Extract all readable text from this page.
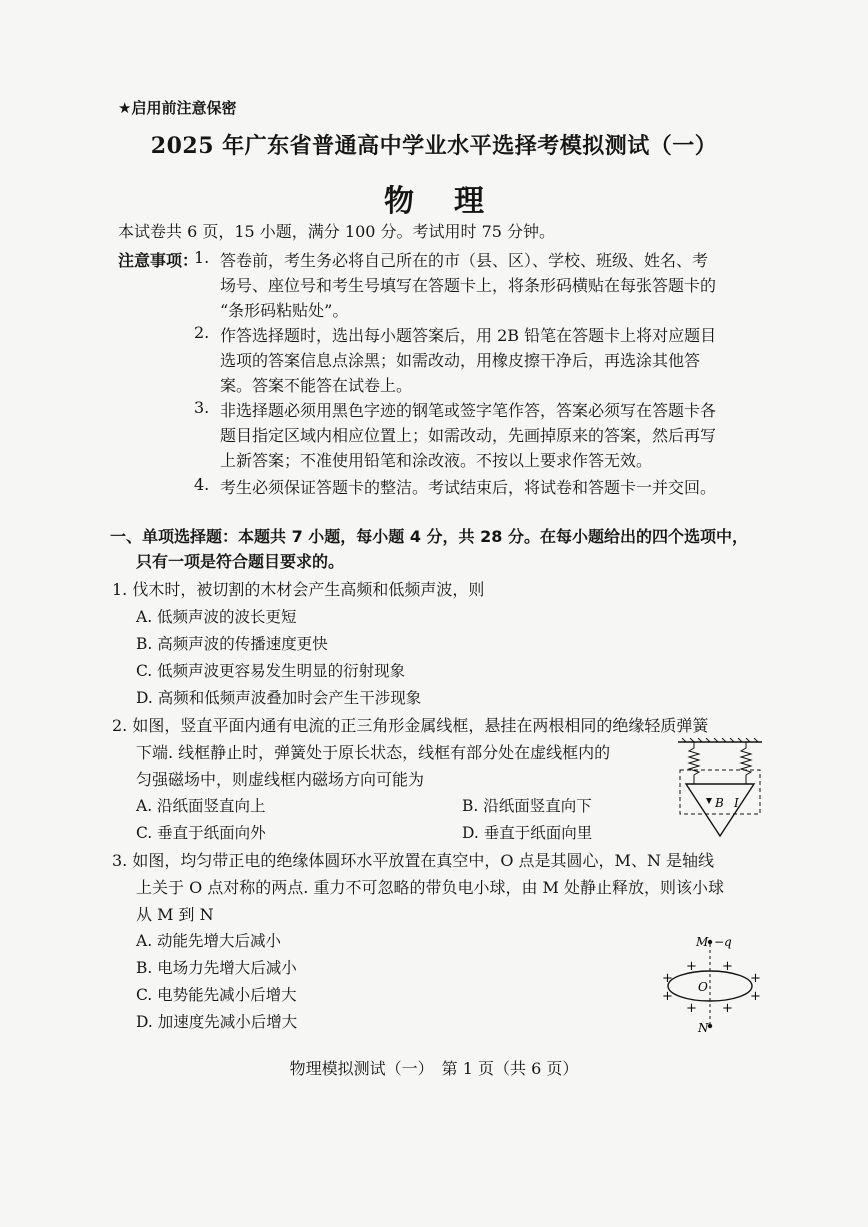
★启用前注意保密
2025 年广东省普通高中学业水平选择考模拟测试（一）
物理
本试卷共 6 页，15 小题，满分 100 分。考试用时 75 分钟。
注意事项：
1. 答卷前，考生务必将自己所在的市（县、区）、学校、班级、姓名、考
场号、座位号和考生号填写在答题卡上，将条形码横贴在每张答题卡的
“条形码粘贴处”。
2. 作答选择题时，选出每小题答案后，用 2B 铅笔在答题卡上将对应题目
选项的答案信息点涂黑；如需改动，用橡皮擦干净后，再选涂其他答
案。答案不能答在试卷上。
3. 非选择题必须用黑色字迹的钢笔或签字笔作答，答案必须写在答题卡各
题目指定区域内相应位置上；如需改动，先画掉原来的答案，然后再写
上新答案；不准使用铅笔和涂改液。不按以上要求作答无效。
4. 考生必须保证答题卡的整洁。考试结束后，将试卷和答题卡一并交回。
一、单项选择题：本题共 7 小题，每小题 4 分，共 28 分。在每小题给出的四个选项中，
只有一项是符合题目要求的。
1. 伐木时，被切割的木材会产生高频和低频声波，则
A. 低频声波的波长更短
B. 高频声波的传播速度更快
C. 低频声波更容易发生明显的衍射现象
D. 高频和低频声波叠加时会产生干涉现象
2. 如图，竖直平面内通有电流的正三角形金属线框，悬挂在两根相同的绝缘轻质弹簧
下端. 线框静止时，弹簧处于原长状态，线框有部分处在虚线框内的
匀强磁场中，则虚线框内磁场方向可能为
A. 沿纸面竖直向上	B. 沿纸面竖直向下
C. 垂直于纸面向外	D. 垂直于纸面向里
B I
3. 如图，均匀带正电的绝缘体圆环水平放置在真空中，O 点是其圆心，M、N 是轴线
上关于 O 点对称的两点. 重力不可忽略的带负电小球，由 M 处静止释放，则该小球
从 M 到 N
A. 动能先增大后减小
B. 电场力先增大后减小
C. 电势能先减小后增大
D. 加速度先减小后增大
M −q
O
N
+ +
+	+
+	+
+ +
物理模拟测试（一）　第 1 页（共 6 页）
